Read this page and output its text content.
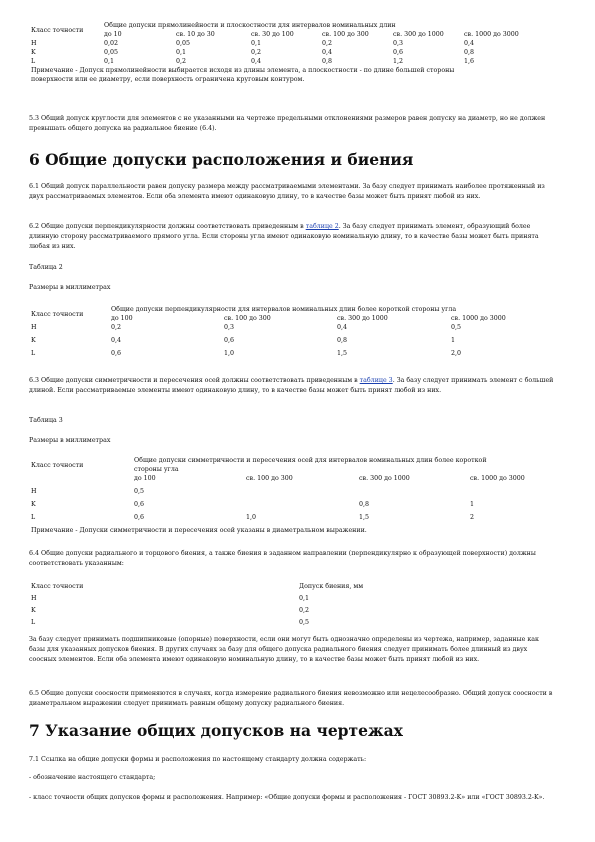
Класс точности	Общие допуски прямолинейности и плоскостности для интервалов номинальных длин					
	до 10	св. 10 до 30	св. 30 до 100	св. 100 до 300	св. 300 до 1000	св. 1000 до 3000
H	0,02	0,05	0,1	0,2	0,3	0,4
K	0,05	0,1	0,2	0,4	0,6	0,8
L	0,1	0,2	0,4	0,8	1,2	1,6
Примечание - Допуск прямолинейности выбирается исходя из длины элемента, а плоскостности - по длине большей стороны						
поверхности или ее диаметру, если поверхность ограничена круговым контуром.						
5.3 Общий допуск круглости для элементов с не указанными на чертеже предельными отклонениями размеров равен допуску на диаметр, но не должен превышать общего допуска на радиальное биение (6.4).
6 Общие допуски расположения и биения
6.1 Общий допуск параллельности равен допуску размера между рассматриваемыми элементами. За базу следует принимать наиболее протяженный из двух рассматриваемых элементов. Если оба элемента имеют одинаковую длину, то в качестве базы может быть принят любой из них.
6.2 Общие допуски перпендикулярности должны соответствовать приведенным в таблице 2. За базу следует принимать элемент, образующий более длинную сторону рассматриваемого прямого угла. Если стороны угла имеют одинаковую номинальную длину, то в качестве базы может быть принята любая из них.
Таблица 2
Размеры в миллиметрах
Класс точности	Общие допуски перпендикулярности для интервалов номинальных длин более короткой стороны угла			
	до 100	св. 100 до 300	св. 300 до 1000	св. 1000 до 3000
H	0,2	0,3	0,4	0,5
K	0,4	0,6	0,8	1
L	0,6	1,0	1,5	2,0
6.3 Общие допуски симметричности и пересечения осей должны соответствовать приведенным в таблице 3. За базу следует принимать элемент с большей длиной. Если рассматриваемые элементы имеют одинаковую длину, то в качестве базы может быть принят любой из них.
Таблица 3
Размеры в миллиметрах
Класс точности	Общие допуски симметричности и пересечения осей для интервалов номинальных длин более короткой			
	стороны угла			
	до 100	св. 100 до 300	св. 300 до 1000	св. 1000 до 3000
H	0,5			
K	0,6		0,8	1
L	0,6	1,0	1,5	2
Примечание - Допуски симметричности и пересечения осей указаны в диаметральном выражении.				
6.4 Общие допуски радиального и торцового биения, а также биения в заданном направлении (перпендикулярно к образующей поверхности) должны соответствовать указанным:
Класс точности	Допуск биения, мм
H	0,1
K	0,2
L	0,5
За базу следует принимать подшипниковые (опорные) поверхности, если они могут быть однозначно определены из чертежа, например, заданные как базы для указанных допусков биения. В других случаях за базу для общего допуска радиального биения следует принимать более длинный из двух соосных элементов. Если оба элемента имеют одинаковую номинальную длину, то в качестве базы может быть принят любой из них.
6.5 Общие допуски соосности применяются в случаях, когда измерение радиального биения невозможно или нецелесообразно. Общий допуск соосности в диаметральном выражении следует принимать равным общему допуску радиального биения.
7 Указание общих допусков на чертежах
7.1 Ссылка на общие допуски формы и расположения по настоящему стандарту должна содержать:
- обозначение настоящего стандарта;
- класс точности общих допусков формы и расположения. Например: «Общие допуски формы и расположения - ГОСТ 30893.2-K» или «ГОСТ 30893.2-K».
